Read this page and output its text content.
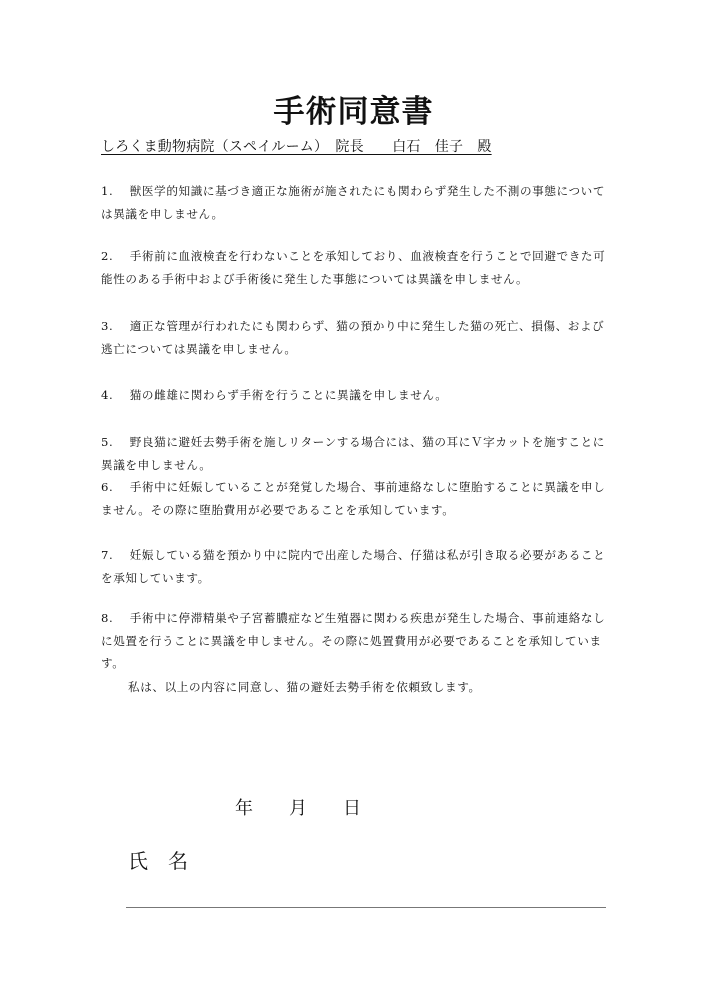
手術同意書
しろくま動物病院（スペイルーム）　院長　　白石　佳子　殿
1.　 獣医学的知識に基づき適正な施術が施されたにも関わらず発生した不測の事態については異議を申しません。
2.　 手術前に血液検査を行わないことを承知しており、血液検査を行うことで回避できた可能性のある手術中および手術後に発生した事態については異議を申しません。
3.　 適正な管理が行われたにも関わらず、猫の預かり中に発生した猫の死亡、損傷、および逃亡については異議を申しません。
4.　 猫の雌雄に関わらず手術を行うことに異議を申しません。
5.　 野良猫に避妊去勢手術を施しリターンする場合には、猫の耳にＶ字カットを施すことに異議を申しません。
6.　 手術中に妊娠していることが発覚した場合、事前連絡なしに堕胎することに異議を申しません。その際に堕胎費用が必要であることを承知しています。
7.　 妊娠している猫を預かり中に院内で出産した場合、仔猫は私が引き取る必要があることを承知しています。
8.　 手術中に停滞精巣や子宮蓄膿症など生殖器に関わる疾患が発生した場合、事前連絡なしに処置を行うことに異議を申しません。その際に処置費用が必要であることを承知しています。
私は、以上の内容に同意し、猫の避妊去勢手術を依頼致します。
年　　月　　日
氏　名
